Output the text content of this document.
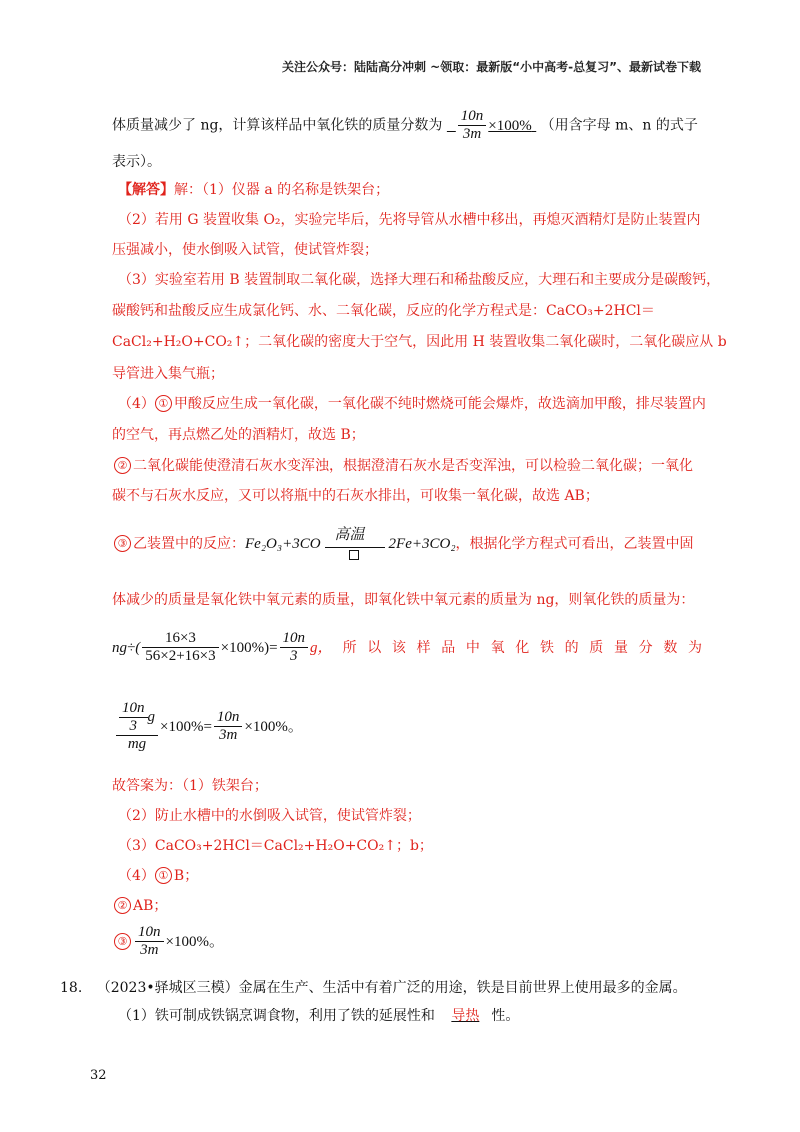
关注公众号：陆陆高分冲刺 ~领取：最新版“小中高考-总复习”、最新试卷下载
体质量减少了 ng，计算该样品中氧化铁的质量分数为 $\frac{10n}{3m} \times 100\%$ （用含字母 m、n 的式子
表示）。
【解答】解：（1）仪器 a 的名称是铁架台；
（2）若用 G 装置收集 O₂，实验完毕后，先将导管从水槽中移出，再熄灭酒精灯是防止装置内
压强减小，使水倒吸入试管，使试管炸裂；
（3）实验室若用 B 装置制取二氧化碳，选择大理石和稀盐酸反应，大理石和主要成分是碳酸钙，
碳酸钙和盐酸反应生成氯化钙、水、二氧化碳，反应的化学方程式是：CaCO₃+2HCl＝
CaCl₂+H₂O+CO₂↑；二氧化碳的密度大于空气，因此用 H 装置收集二氧化碳时，二氧化碳应从 b
导管进入集气瓶；
（4） ① 甲酸反应生成一氧化碳，一氧化碳不纯时燃烧可能会爆炸，故选滴加甲酸，排尽装置内
的空气，再点燃乙处的酒精灯，故选 B；
② 二氧化碳能使澄清石灰水变浑浊，根据澄清石灰水是否变浑浊，可以检验二氧化碳；一氧化
碳不与石灰水反应，又可以将瓶中的石灰水排出，可收集一氧化碳，故选 AB；
③ 乙装置中的反应： Fe₂O₃+3CO
高温
2Fe+3CO₂ ，根据化学方程式可看出，乙装置中固
体减少的质量是氧化铁中氧元素的质量，即氧化铁中氧元素的质量为 ng，则氧化铁的质量为：
$ng\div( \frac{16\times 3}{56\times 2+16\times 3} \times 100\%)= \frac{10n}{3}$ g， 所以该样品中氧化铁的质量分数为
$\frac{\frac{10n}{3} g}{mg} \times 100\%= \frac{10n}{3m} \times 100\%$。
故答案为：（1）铁架台；
（2）防止水槽中的水倒吸入试管，使试管炸裂；
（3）CaCO₃+2HCl＝CaCl₂+H₂O+CO₂↑；b；
（4） ① B；
② AB；
③ $\frac{10n}{3m} \times 100\%$。
18. （2023•驿城区三模）金属在生产、生活中有着广泛的用途，铁是目前世界上使用最多的金属。
（1）铁可制成铁锅烹调食物，利用了铁的延展性和 导热 性。
32
